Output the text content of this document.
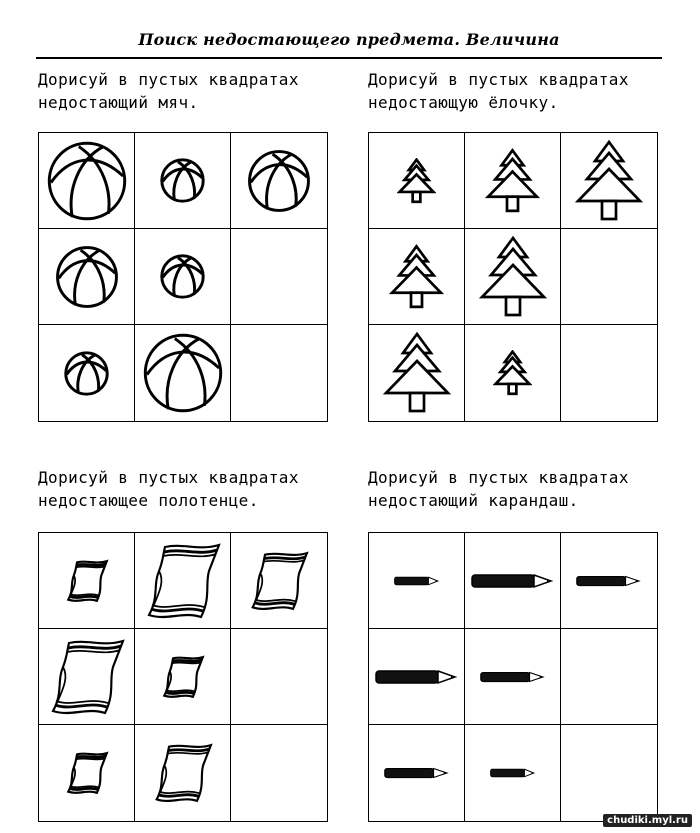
Поиск недостающего предмета. Величина
Дорисуй в пустых квадратах
недостающий мяч.
Дорисуй в пустых квадратах
недостающую ёлочку.
Дорисуй в пустых квадратах
недостающее полотенце.
Дорисуй в пустых квадратах
недостающий карандаш.
chudiki.myl.ru
